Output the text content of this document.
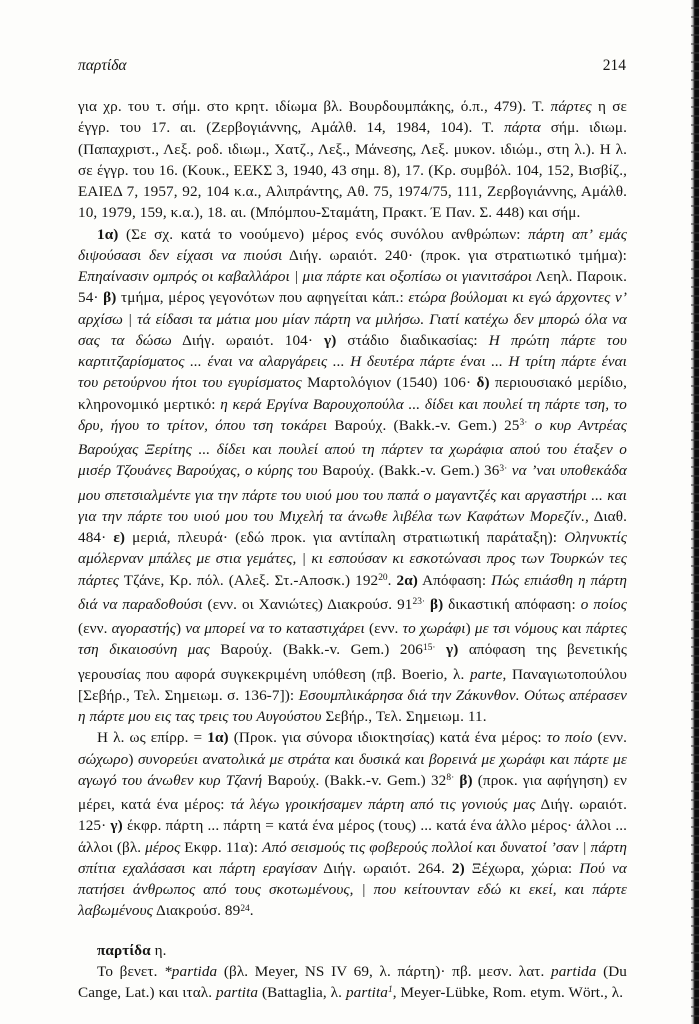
παρτίδα	214

για χρ. του τ. σήμ. στο κρητ. ιδίωμα βλ. Βουρδουμπάκης, ό.π., 479). Τ. πάρτες η σε έγγρ. του 17. αι. (Ζερβογιάννης, Αμάλθ. 14, 1984, 104). Τ. πάρτα σήμ. ιδιωμ. (Παπαχριστ., Λεξ. ροδ. ιδιωμ., Χατζ., Λεξ., Μάνεσης, Λεξ. μυκον. ιδιώμ., στη λ.). Η λ. σε έγγρ. του 16. (Κουκ., ΕΕΚΣ 3, 1940, 43 σημ. 8), 17. (Κρ. συμβόλ. 104, 152, Βισβίζ., ΕΑΙΕΔ 7, 1957, 92, 104 κ.α., Αλιπράντης, Αθ. 75, 1974/75, 111, Ζερβογιάννης, Αμάλθ. 10, 1979, 159, κ.α.), 18. αι. (Μπόμπου-Σταμάτη, Πρακτ. Έ Παν. Σ. 448) και σήμ.

1α) (Σε σχ. κατά το νοούμενο) μέρος ενός συνόλου ανθρώπων: πάρτη απ’ εμάς διψούσασι δεν είχασι να πιούσι Διήγ. ωραιότ. 240· (προκ. για στρατιωτικό τμήμα): Επηαίνασιν ομπρός οι καβαλλάροι | μια πάρτε και οξοπίσω οι γιανιτσάροι Λεηλ. Παροικ. 54· β) τμήμα, μέρος γεγονότων που αφηγείται κάπ.: ετώρα βούλομαι κι εγώ άρχοντες ν’ αρχίσω | τά είδασι τα μάτια μου μίαν πάρτη να μιλήσω. Γιατί κατέχω δεν μπορώ όλα να σας τα δώσω Διήγ. ωραιότ. 104· γ) στάδιο διαδικασίας: Η πρώτη πάρτε του καρτιτζαρίσματος ... έναι να αλαργάρεις ... Η δευτέρα πάρτε έναι ... Η τρίτη πάρτε έναι του ρετούρνου ήτοι του εγυρίσματος Μαρτολόγιον (1540) 106· δ) περιουσιακό μερίδιο, κληρονομικό μερτικό: η κερά Εργίνα Βαρουχοπούλα ... δίδει και πουλεί τη πάρτε τση, το δρυ, ήγου το τρίτον, όπου τση τοκάρει Βαρούχ. (Bakk.-v. Gem.) $25^{3\cdot}$ ο κυρ Αντρέας Βαρούχας Ξερίτης ... δίδει και πουλεί απού τη πάρτεν τα χωράφια απού του έταξεν ο μισέρ Τζουάνες Βαρούχας, ο κύρης του Βαρούχ. (Bakk.-v. Gem.) $36^{3\cdot}$ να ’ναι υποθεκάδα μου σπετσιαλμέντε για την πάρτε του υιού μου του παπά ο μαγαντζές και αργαστήρι ... και για την πάρτε του υιού μου του Μιχελή τα άνωθε λιβέλα των Καφάτων Μορεζίν., Διαθ. 484· ε) μεριά, πλευρά· (εδώ προκ. για αντίπαλη στρατιωτική παράταξη): Οληνυκτίς αμόλερναν μπάλες με στια γεμάτες, | κι εσπούσαν κι εσκοτώνασι προς των Τουρκών τες πάρτες Τζάνε, Κρ. πόλ. (Αλεξ. Στ.-Αποσκ.) $192^{20}$. 2α) Απόφαση: Πώς επιάσθη η πάρτη διά να παραδοθούσι (ενν. οι Χανιώτες) Διακρούσ. $91^{23\cdot}$ β) δικαστική απόφαση: ο ποίος (ενν. αγοραστής) να μπορεί να το καταστιχάρει (ενν. το χωράφι) με τσι νόμους και πάρτες τση δικαιοσύνη μας Βαρούχ. (Bakk.-v. Gem.) $206^{15\cdot}$ γ) απόφαση της βενετικής γερουσίας που αφορά συγκεκριμένη υπόθεση (πβ. Boerio, λ. parte, Παναγιωτοπούλου [Σεβήρ., Τελ. Σημειωμ. σ. 136-7]): Εσουμπλικάρησα διά την Ζάκυνθον. Ούτως απέρασεν η πάρτε μου εις τας τρεις του Αυγούστου Σεβήρ., Τελ. Σημειωμ. 11.

Η λ. ως επίρρ. = 1α) (Προκ. για σύνορα ιδιοκτησίας) κατά ένα μέρος: το ποίο (ενν. σώχωρο) συνορεύει ανατολικά με στράτα και δυσικά και βορεινά με χωράφι και πάρτε με αγωγό του άνωθεν κυρ Τζανή Βαρούχ. (Bakk.-v. Gem.) $32^{8\cdot}$ β) (προκ. για αφήγηση) εν μέρει, κατά ένα μέρος: τά λέγω γροικήσαμεν πάρτη από τις γονιούς μας Διήγ. ωραιότ. 125· γ) έκφρ. πάρτη ... πάρτη = κατά ένα μέρος (τους) ... κατά ένα άλλο μέρος· άλλοι ... άλλοι (βλ. μέρος Εκφρ. 11α): Από σεισμούς τις φοβερούς πολλοί και δυνατοί ’σαν | πάρτη σπίτια εχαλάσασι και πάρτη εραγίσαν Διήγ. ωραιότ. 264. 2) Ξέχωρα, χώρια: Πού να πατήσει άνθρωπος από τους σκοτωμένους, | που κείτουνταν εδώ κι εκεί, και πάρτε λαβωμένους Διακρούσ. $89^{24}$.

παρτίδα η.

Το βενετ. *partida (βλ. Meyer, NS IV 69, λ. πάρτη)· πβ. μεσν. λατ. partida (Du Cange, Lat.) και ιταλ. partita (Battaglia, λ. partita$^1$, Meyer-Lübke, Rom. etym. Wört., λ.
